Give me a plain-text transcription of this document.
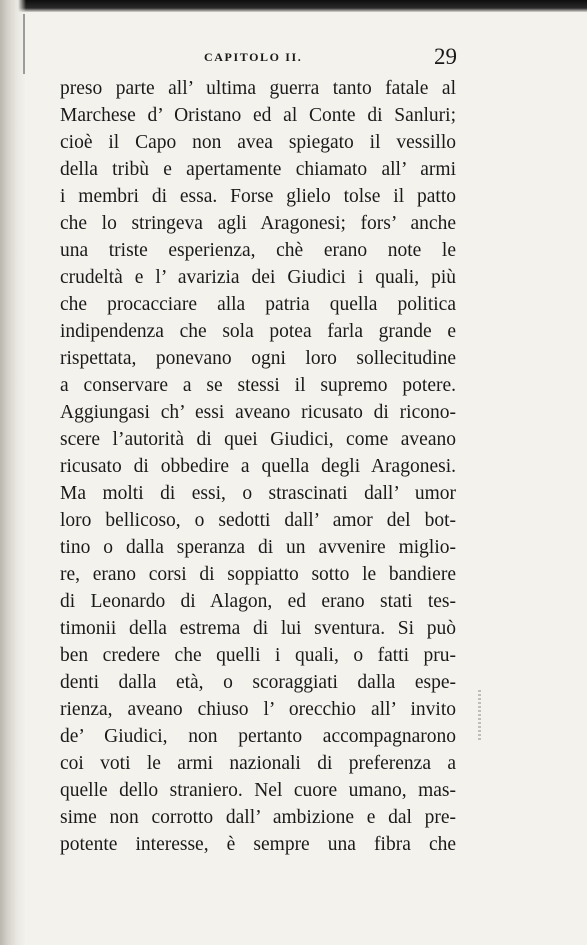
CAPITOLO II.	29
preso parte all’ ultima guerra tanto fatale al
Marchese d’ Oristano ed al Conte di Sanluri;
cioè il Capo non avea spiegato il vessillo
della tribù e apertamente chiamato all’ armi
i membri di essa. Forse glielo tolse il patto
che lo stringeva agli Aragonesi; fors’ anche
una triste esperienza, chè erano note le
crudeltà e l’ avarizia dei Giudici i quali, più
che procacciare alla patria quella politica
indipendenza che sola potea farla grande e
rispettata, ponevano ogni loro sollecitudine
a conservare a se stessi il supremo potere.
Aggiungasi ch’ essi aveano ricusato di ricono-
scere l’autorità di quei Giudici, come aveano
ricusato di obbedire a quella degli Aragonesi.
Ma molti di essi, o strascinati dall’ umor
loro bellicoso, o sedotti dall’ amor del bot-
tino o dalla speranza di un avvenire miglio-
re, erano corsi di soppiatto sotto le bandiere
di Leonardo di Alagon, ed erano stati tes-
timonii della estrema di lui sventura. Si può
ben credere che quelli i quali, o fatti pru-
denti dalla età, o scoraggiati dalla espe-
rienza, aveano chiuso l’ orecchio all’ invito
de’ Giudici, non pertanto accompagnarono
coi voti le armi nazionali di preferenza a
quelle dello straniero. Nel cuore umano, mas-
sime non corrotto dall’ ambizione e dal pre-
potente interesse, è sempre una fibra che
